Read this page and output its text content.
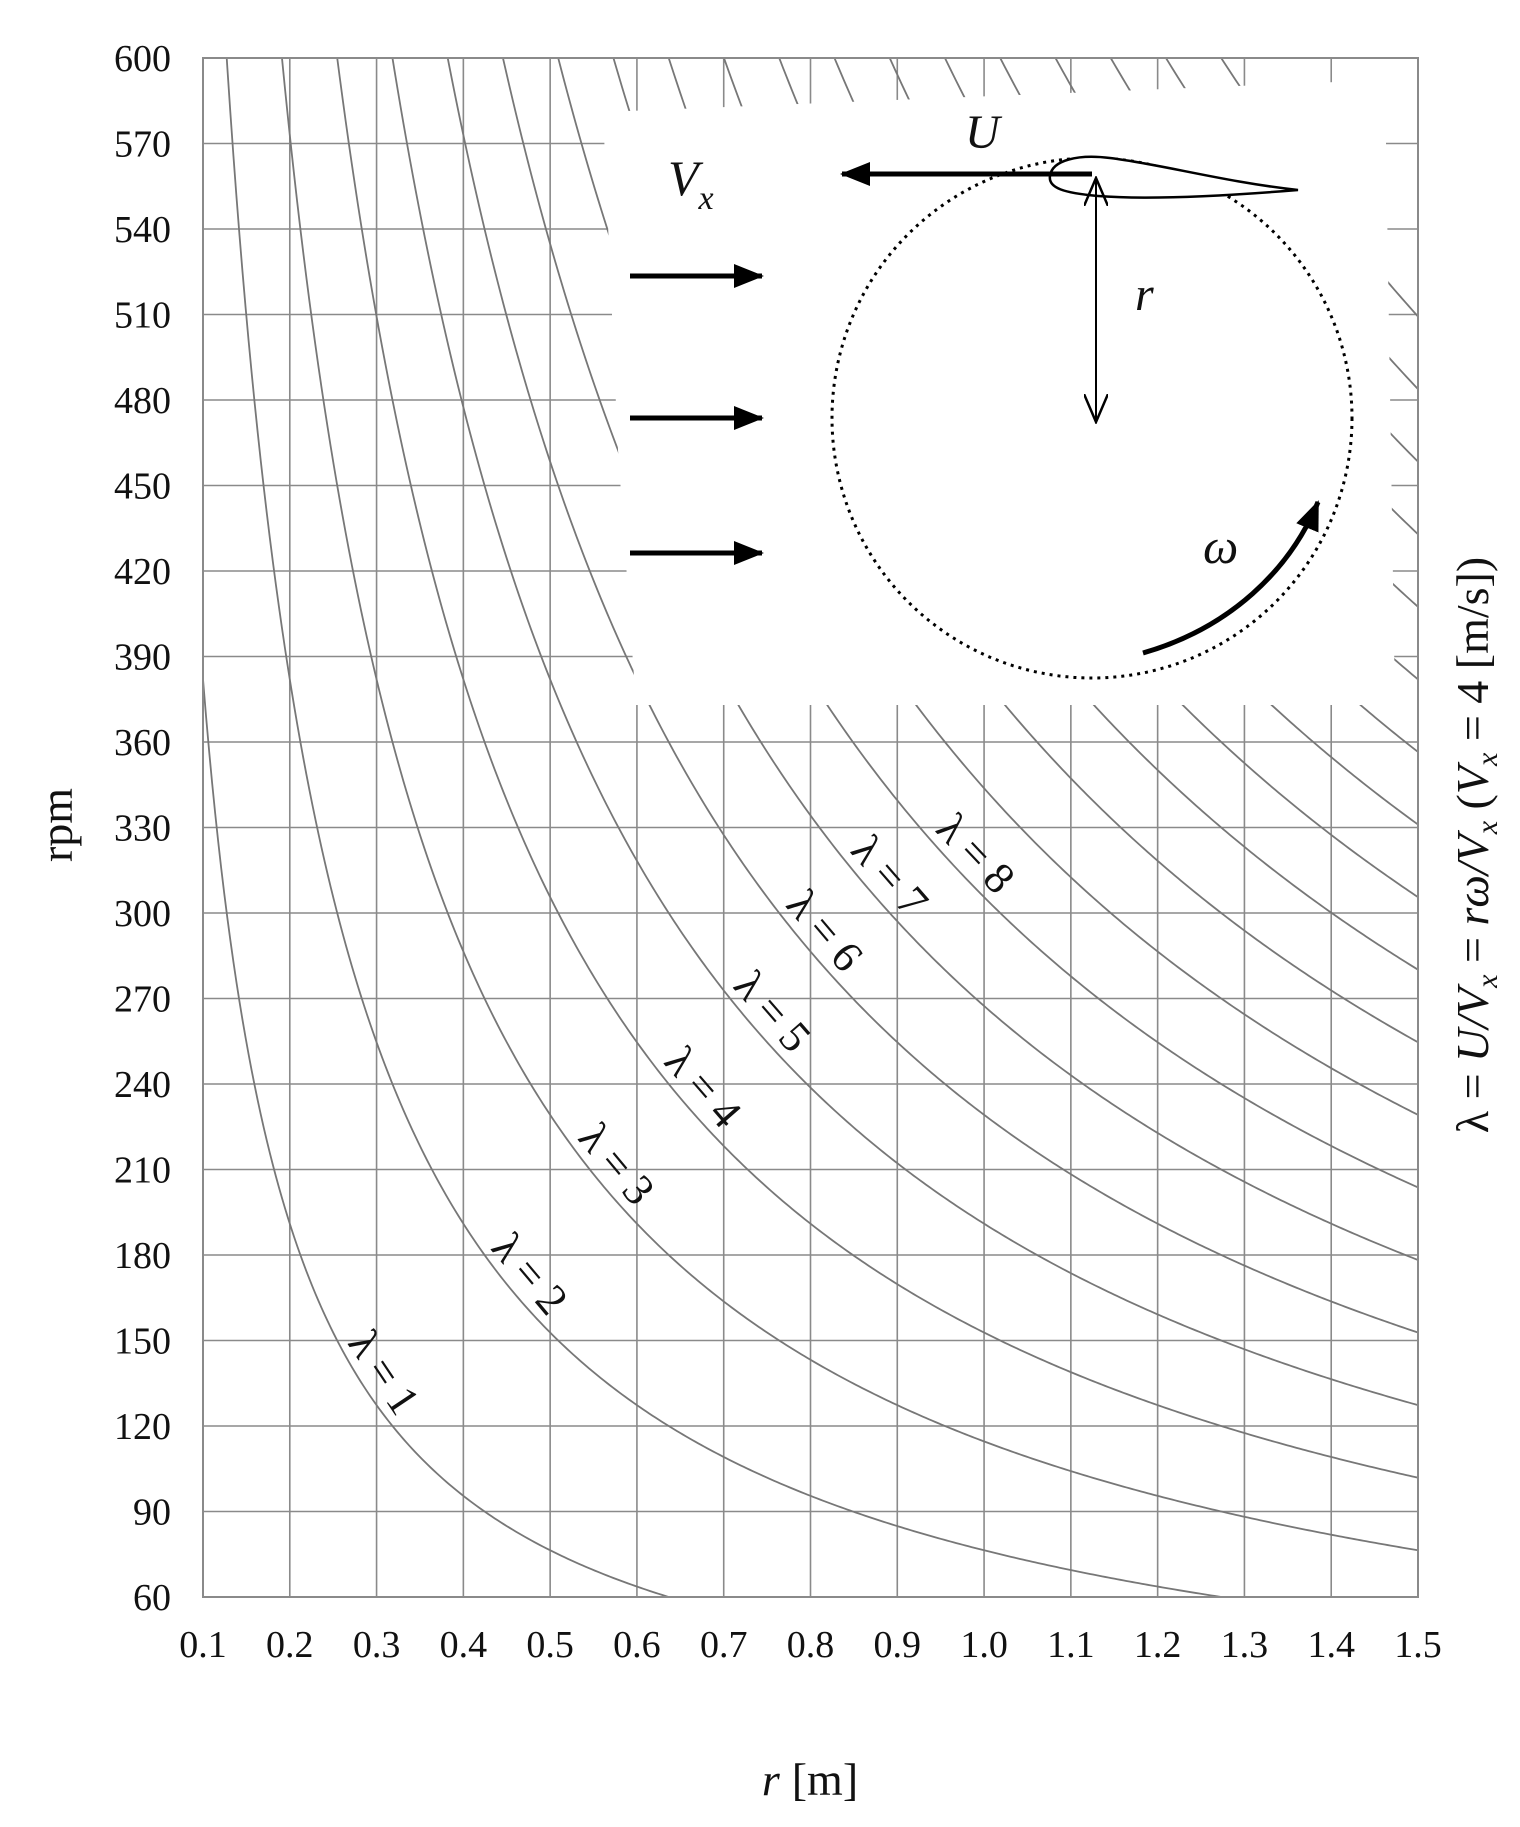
λ = 1
λ = 2
λ = 3
λ = 4
λ = 5
λ = 6
λ = 7
λ = 8
0.1 0.2 0.3 0.4 0.5 0.6 0.7 0.8 0.9 1.0 1.1 1.2 1.3 1.4 1.5
60
90
120
150
180
210
240
270
300
330
360
390
420
450
480
510
540
570
600
rpm
r [m]
λ = U/Vx = rω/Vx (Vx = 4 [m/s])
U
r
$V_x$
ω
